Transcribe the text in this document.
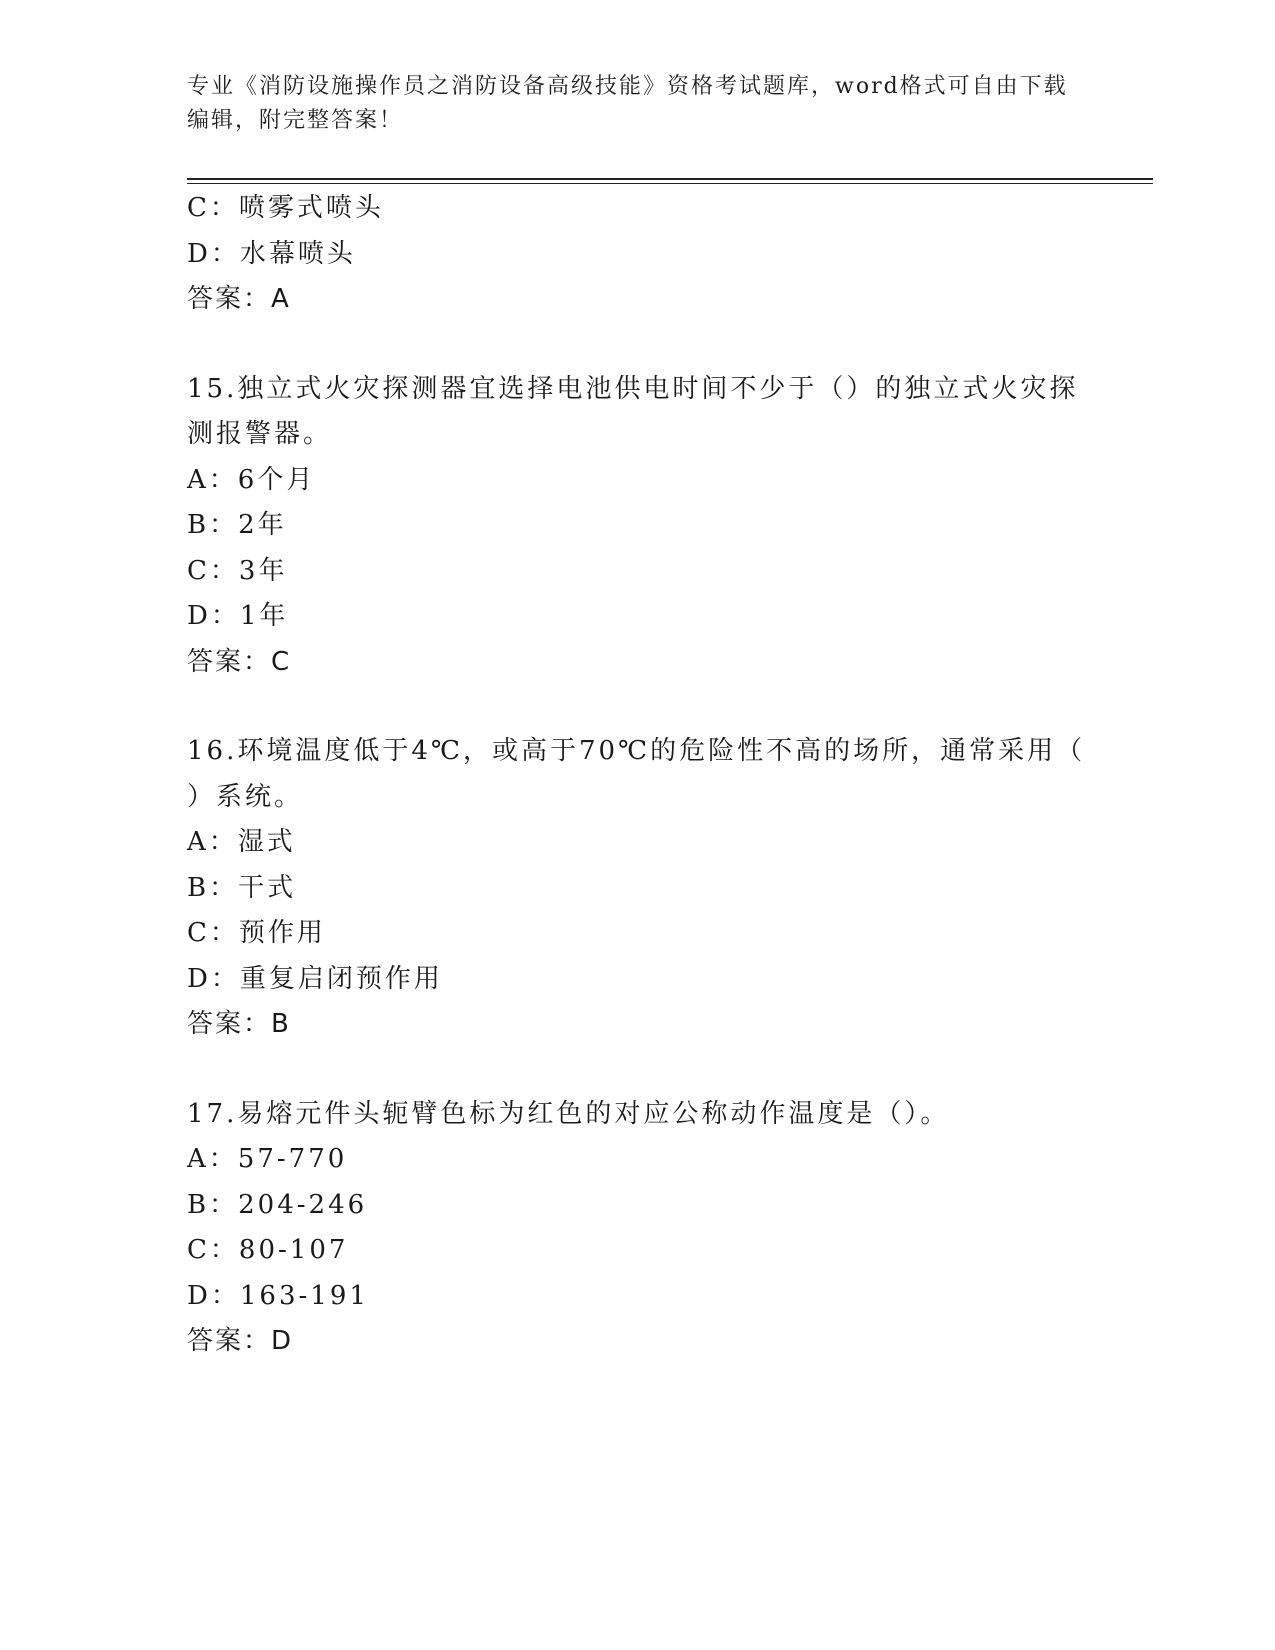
专业《消防设施操作员之消防设备高级技能》资格考试题库，word格式可自由下载编辑，附完整答案！
C：喷雾式喷头
D：水幕喷头
答案：A
15.独立式火灾探测器宜选择电池供电时间不少于（）的独立式火灾探
测报警器。
A：6个月
B：2年
C：3年
D：1年
答案：C
16.环境温度低于4℃，或高于70℃的危险性不高的场所，通常采用（
）系统。
A：湿式
B：干式
C：预作用
D：重复启闭预作用
答案：B
17.易熔元件头轭臂色标为红色的对应公称动作温度是（）。
A：57-770
B：204-246
C：80-107
D：163-191
答案：D
